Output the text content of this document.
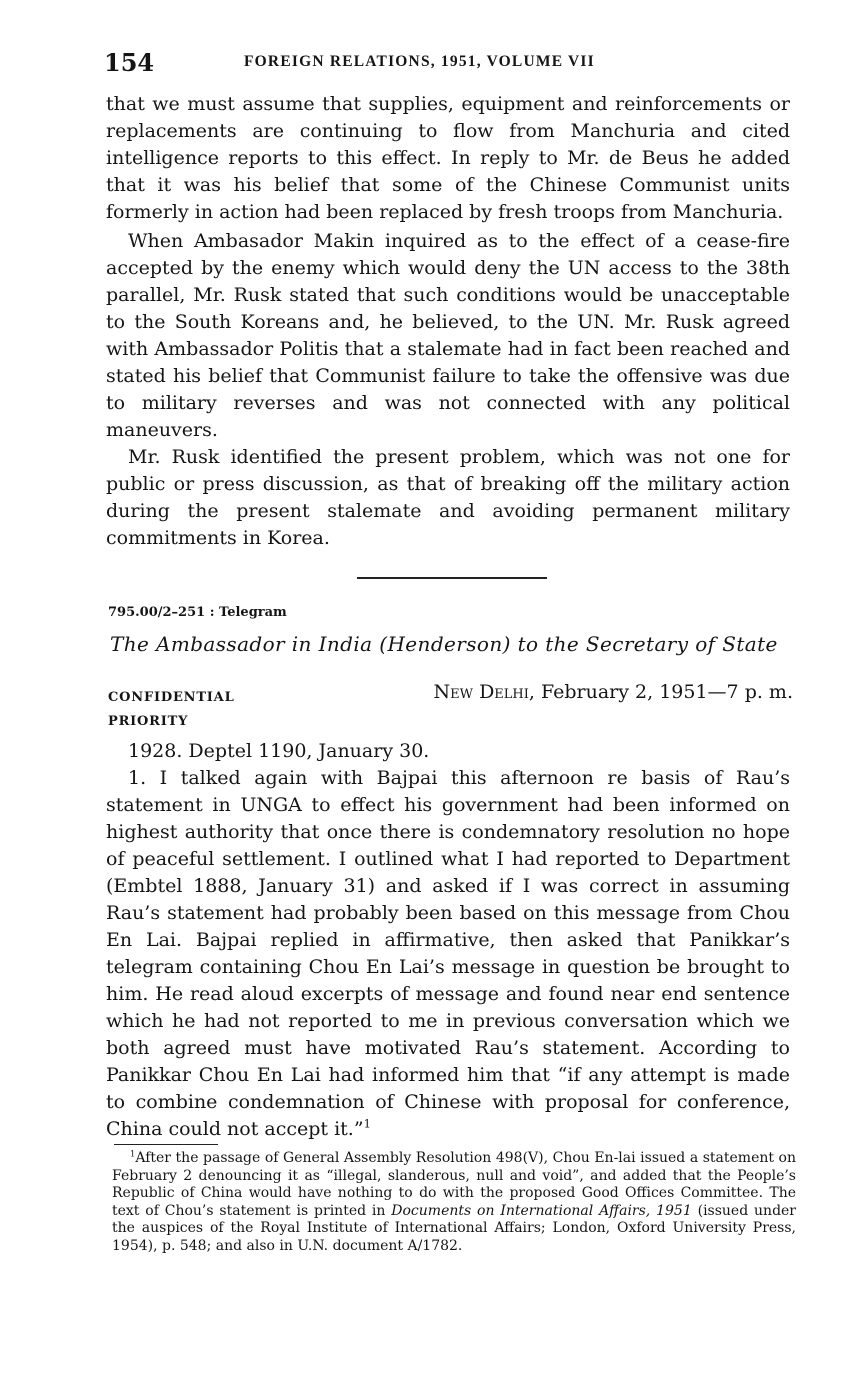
154	FOREIGN RELATIONS, 1951, VOLUME VII

that we must assume that supplies, equipment and reinforcements or replacements are continuing to flow from Manchuria and cited intelligence reports to this effect. In reply to Mr. de Beus he added that it was his belief that some of the Chinese Communist units formerly in action had been replaced by fresh troops from Manchuria.

When Ambasador Makin inquired as to the effect of a cease-fire accepted by the enemy which would deny the UN access to the 38th parallel, Mr. Rusk stated that such conditions would be unacceptable to the South Koreans and, he believed, to the UN. Mr. Rusk agreed with Ambassador Politis that a stalemate had in fact been reached and stated his belief that Communist failure to take the offensive was due to military reverses and was not connected with any political maneuvers.

Mr. Rusk identified the present problem, which was not one for public or press discussion, as that of breaking off the military action during the present stalemate and avoiding permanent military commitments in Korea.

795.00/2–251 : Telegram
The Ambassador in India (Henderson) to the Secretary of State
CONFIDENTIAL
PRIORITY
New Delhi, February 2, 1951—7 p. m.

1928. Deptel 1190, January 30.

1. I talked again with Bajpai this afternoon re basis of Rau’s statement in UNGA to effect his government had been informed on highest authority that once there is condemnatory resolution no hope of peaceful settlement. I outlined what I had reported to Department (Embtel 1888, January 31) and asked if I was correct in assuming Rau’s statement had probably been based on this message from Chou En Lai. Bajpai replied in affirmative, then asked that Panikkar’s telegram containing Chou En Lai’s message in question be brought to him. He read aloud excerpts of message and found near end sentence which he had not reported to me in previous conversation which we both agreed must have motivated Rau’s statement. According to Panikkar Chou En Lai had informed him that “if any attempt is made to combine condemnation of Chinese with proposal for conference, China could not accept it.”$^1$

$^1$After the passage of General Assembly Resolution 498(V), Chou En-lai issued a statement on February 2 denouncing it as “illegal, slanderous, null and void”, and added that the People’s Republic of China would have nothing to do with the proposed Good Offices Committee. The text of Chou’s statement is printed in Documents on International Affairs, 1951 (issued under the auspices of the Royal Institute of International Affairs; London, Oxford University Press, 1954), p. 548; and also in U.N. document A/1782.
